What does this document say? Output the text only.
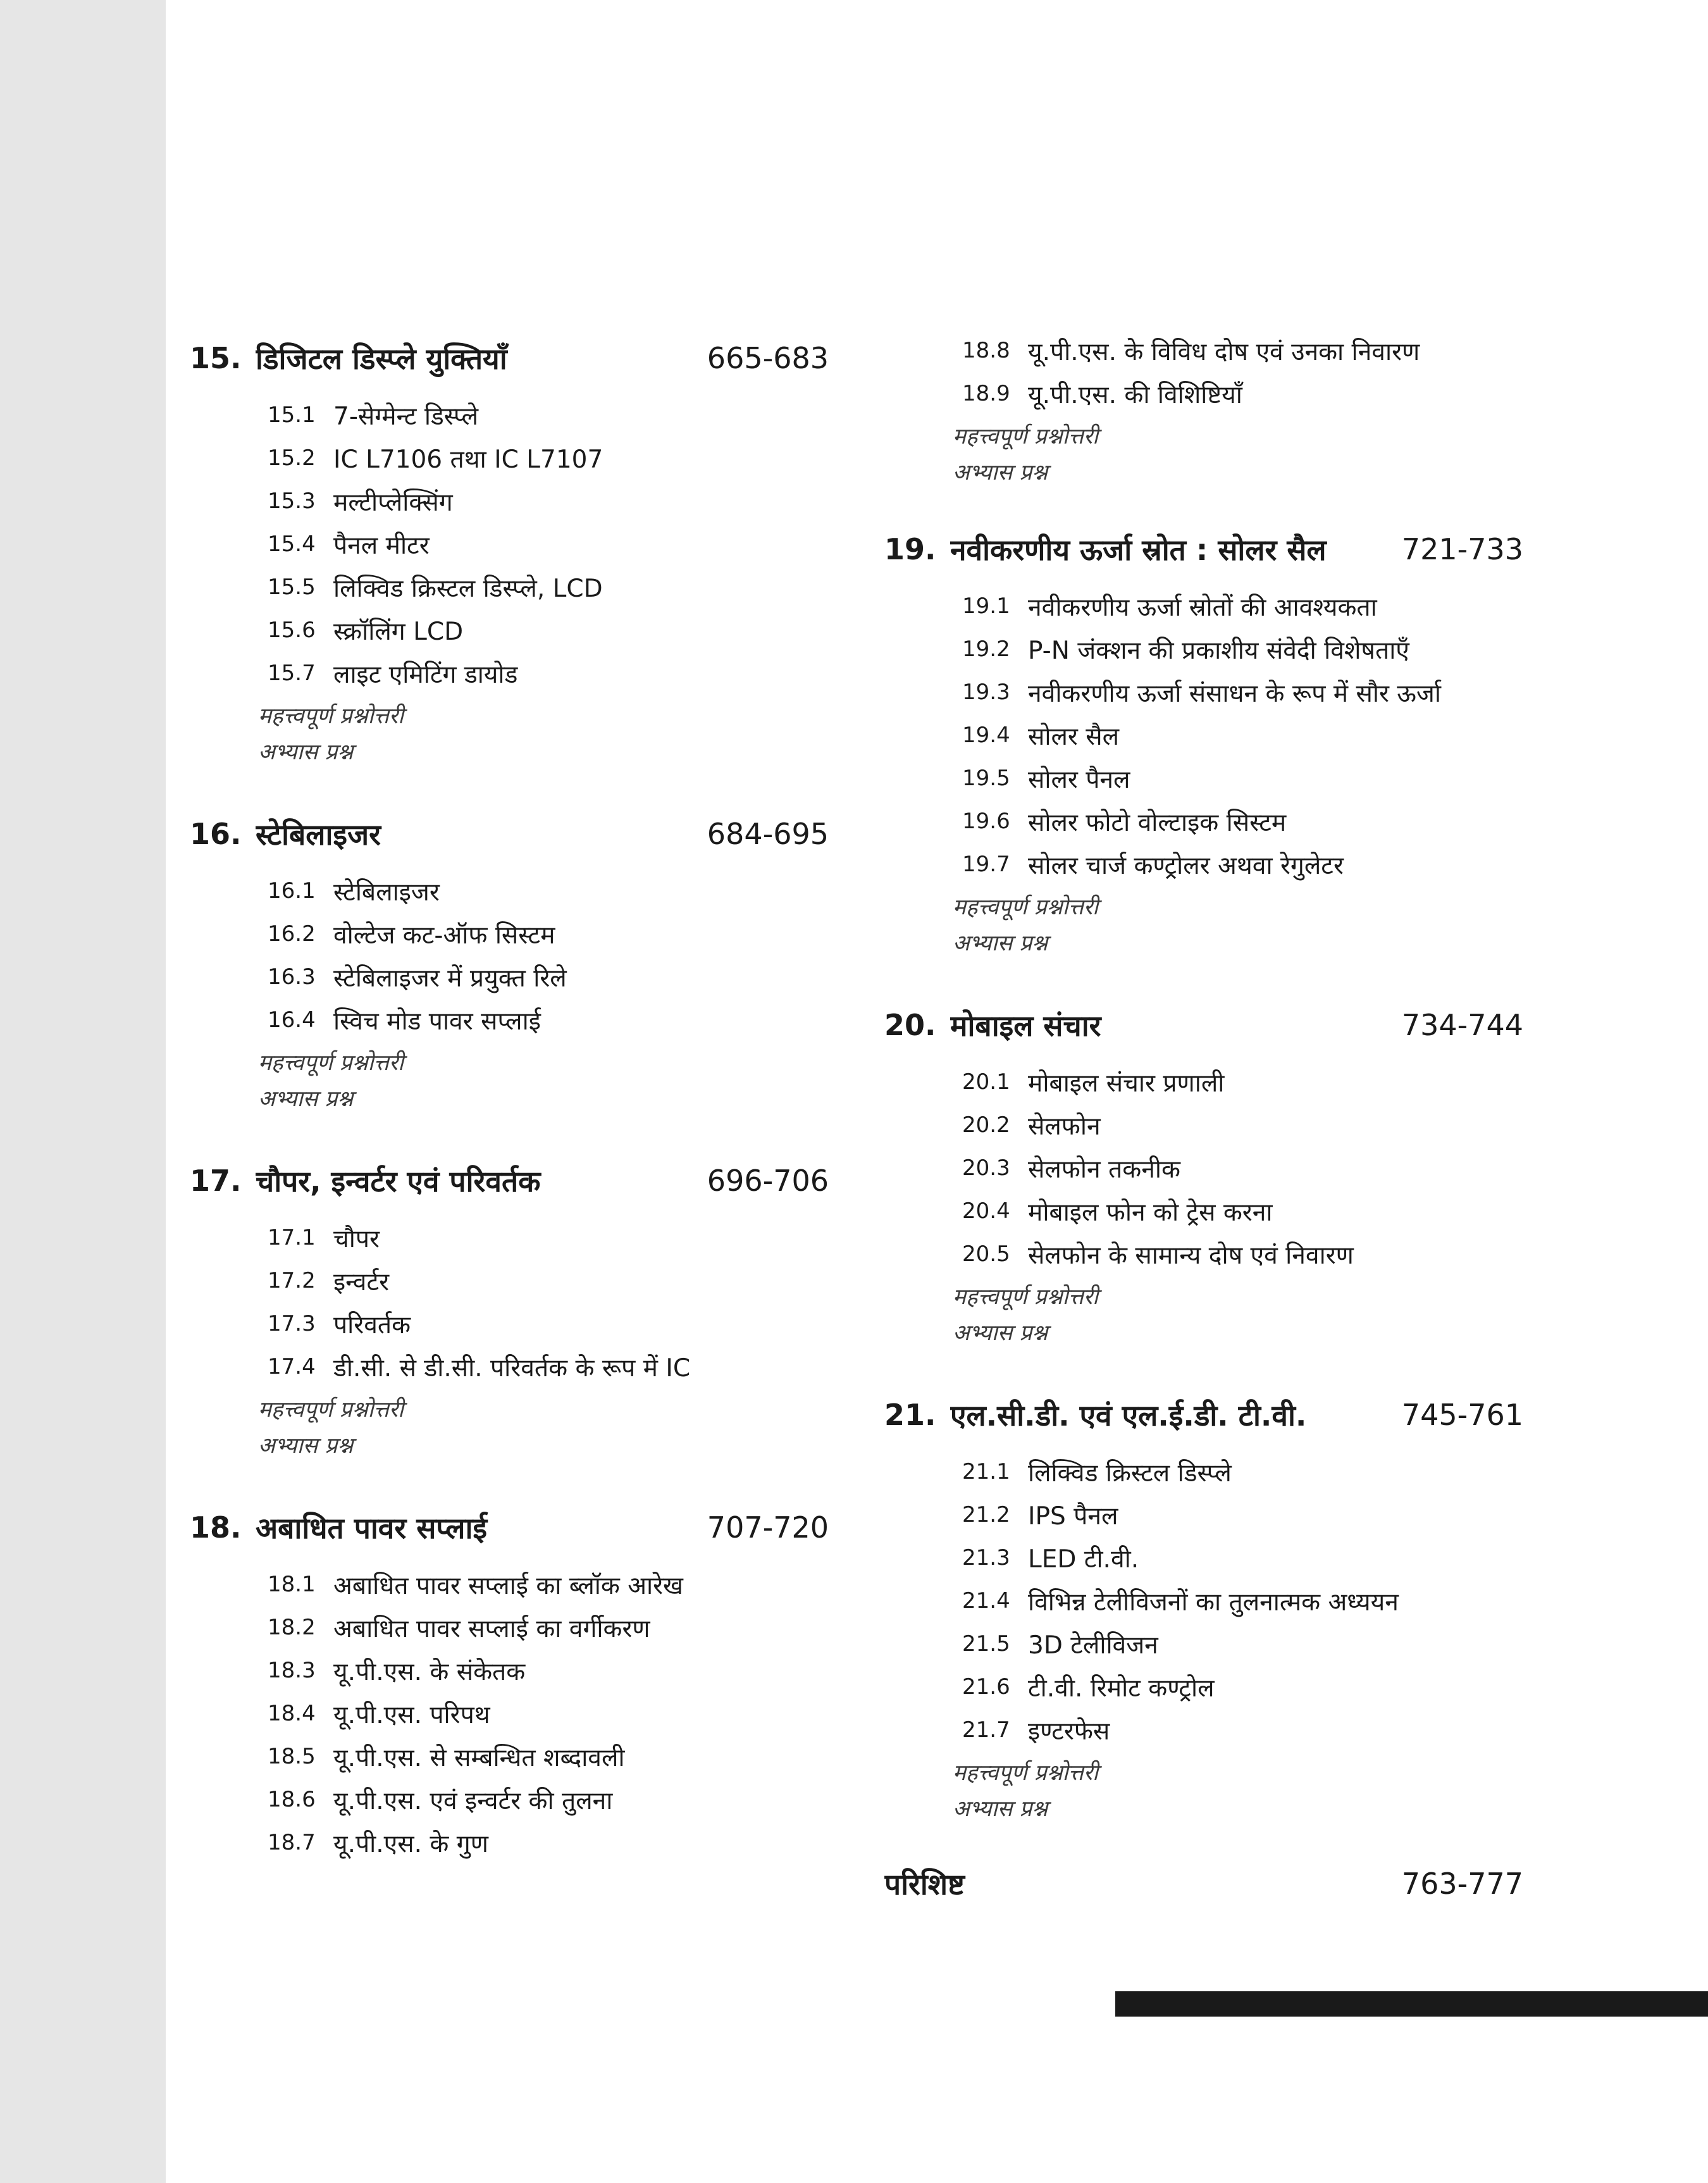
15. डिजिटल डिस्प्ले युक्तियाँ	665-683
15.1 7-सेग्मेन्ट डिस्प्ले
15.2 IC L7106 तथा IC L7107
15.3 मल्टीप्लेक्सिंग
15.4 पैनल मीटर
15.5 लिक्विड क्रिस्टल डिस्प्ले, LCD
15.6 स्क्रॉलिंग LCD
15.7 लाइट एमिटिंग डायोड
महत्त्वपूर्ण प्रश्नोत्तरी
अभ्यास प्रश्न
16. स्टेबिलाइजर	684-695
16.1 स्टेबिलाइजर
16.2 वोल्टेज कट-ऑफ सिस्टम
16.3 स्टेबिलाइजर में प्रयुक्त रिले
16.4 स्विच मोड पावर सप्लाई
महत्त्वपूर्ण प्रश्नोत्तरी
अभ्यास प्रश्न
17. चौपर, इन्वर्टर एवं परिवर्तक	696-706
17.1 चौपर
17.2 इन्वर्टर
17.3 परिवर्तक
17.4 डी.सी. से डी.सी. परिवर्तक के रूप में IC
महत्त्वपूर्ण प्रश्नोत्तरी
अभ्यास प्रश्न
18. अबाधित पावर सप्लाई	707-720
18.1 अबाधित पावर सप्लाई का ब्लॉक आरेख
18.2 अबाधित पावर सप्लाई का वर्गीकरण
18.3 यू.पी.एस. के संकेतक
18.4 यू.पी.एस. परिपथ
18.5 यू.पी.एस. से सम्बन्धित शब्दावली
18.6 यू.पी.एस. एवं इन्वर्टर की तुलना
18.7 यू.पी.एस. के गुण
18.8 यू.पी.एस. के विविध दोष एवं उनका निवारण
18.9 यू.पी.एस. की विशिष्टियाँ
महत्त्वपूर्ण प्रश्नोत्तरी
अभ्यास प्रश्न
19. नवीकरणीय ऊर्जा स्रोत : सोलर सैल	721-733
19.1 नवीकरणीय ऊर्जा स्रोतों की आवश्यकता
19.2 P-N जंक्शन की प्रकाशीय संवेदी विशेषताएँ
19.3 नवीकरणीय ऊर्जा संसाधन के रूप में सौर ऊर्जा
19.4 सोलर सैल
19.5 सोलर पैनल
19.6 सोलर फोटो वोल्टाइक सिस्टम
19.7 सोलर चार्ज कण्ट्रोलर अथवा रेगुलेटर
महत्त्वपूर्ण प्रश्नोत्तरी
अभ्यास प्रश्न
20. मोबाइल संचार	734-744
20.1 मोबाइल संचार प्रणाली
20.2 सेलफोन
20.3 सेलफोन तकनीक
20.4 मोबाइल फोन को ट्रेस करना
20.5 सेलफोन के सामान्य दोष एवं निवारण
महत्त्वपूर्ण प्रश्नोत्तरी
अभ्यास प्रश्न
21. एल.सी.डी. एवं एल.ई.डी. टी.वी.	745-761
21.1 लिक्विड क्रिस्टल डिस्प्ले
21.2 IPS पैनल
21.3 LED टी.वी.
21.4 विभिन्न टेलीविजनों का तुलनात्मक अध्ययन
21.5 3D टेलीविजन
21.6 टी.वी. रिमोट कण्ट्रोल
21.7 इण्टरफेस
महत्त्वपूर्ण प्रश्नोत्तरी
अभ्यास प्रश्न
परिशिष्ट	763-777
